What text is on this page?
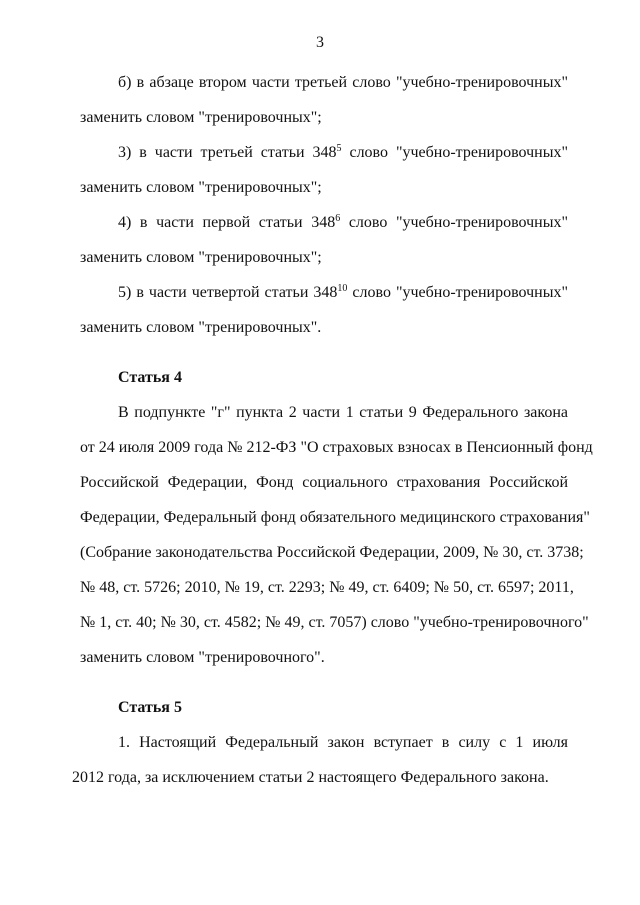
3
б) в абзаце втором части третьей слово "учебно-тренировочных"
заменить словом "тренировочных";
3) в части третьей статьи $348^5$ слово "учебно-тренировочных"
заменить словом "тренировочных";
4) в части первой статьи $348^6$ слово "учебно-тренировочных"
заменить словом "тренировочных";
5) в части четвертой статьи $348^{10}$ слово "учебно-тренировочных"
заменить словом "тренировочных".
Статья 4
В подпункте "г" пункта 2 части 1 статьи 9 Федерального закона
от 24 июля 2009 года № 212-ФЗ "О страховых взносах в Пенсионный фонд
Российской Федерации, Фонд социального страхования Российской
Федерации, Федеральный фонд обязательного медицинского страхования"
(Собрание законодательства Российской Федерации, 2009, № 30, ст. 3738;
№ 48, ст. 5726; 2010, № 19, ст. 2293; № 49, ст. 6409; № 50, ст. 6597; 2011,
№ 1, ст. 40; № 30, ст. 4582; № 49, ст. 7057) слово "учебно-тренировочного"
заменить словом "тренировочного".
Статья 5
1. Настоящий Федеральный закон вступает в силу с 1 июля
2012 года, за исключением статьи 2 настоящего Федерального закона.
